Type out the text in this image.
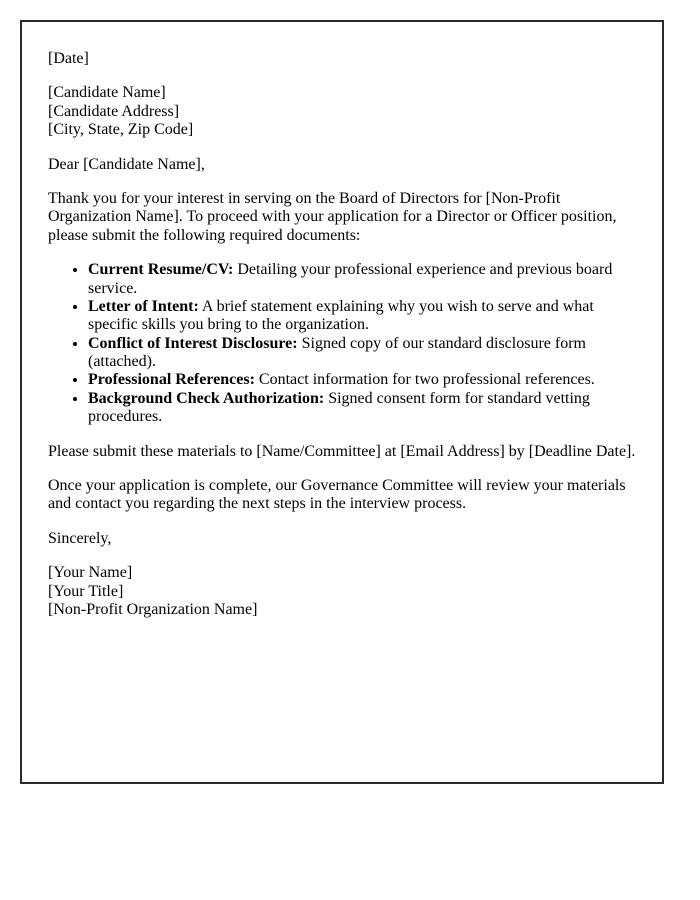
[Date]

[Candidate Name]
[Candidate Address]
[City, State, Zip Code]

Dear [Candidate Name],

Thank you for your interest in serving on the Board of Directors for [Non-Profit Organization Name]. To proceed with your application for a Director or Officer position, please submit the following required documents:

• Current Resume/CV: Detailing your professional experience and previous board service.
• Letter of Intent: A brief statement explaining why you wish to serve and what specific skills you bring to the organization.
• Conflict of Interest Disclosure: Signed copy of our standard disclosure form (attached).
• Professional References: Contact information for two professional references.
• Background Check Authorization: Signed consent form for standard vetting procedures.

Please submit these materials to [Name/Committee] at [Email Address] by [Deadline Date].

Once your application is complete, our Governance Committee will review your materials and contact you regarding the next steps in the interview process.

Sincerely,

[Your Name]
[Your Title]
[Non-Profit Organization Name]
